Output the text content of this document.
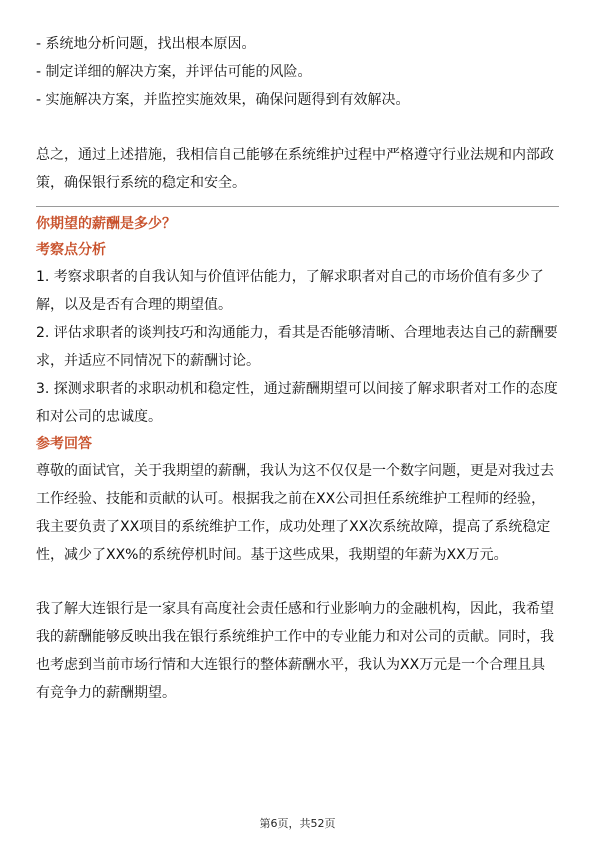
- 系统地分析问题，找出根本原因。

- 制定详细的解决方案，并评估可能的风险。

- 实施解决方案，并监控实施效果，确保问题得到有效解决。

总之，通过上述措施，我相信自己能够在系统维护过程中严格遵守行业法规和内部政策，确保银行系统的稳定和安全。

你期望的薪酬是多少？

考察点分析

1. 考察求职者的自我认知与价值评估能力，了解求职者对自己的市场价值有多少了解，以及是否有合理的期望值。

2. 评估求职者的谈判技巧和沟通能力，看其是否能够清晰、合理地表达自己的薪酬要求，并适应不同情况下的薪酬讨论。

3. 探测求职者的求职动机和稳定性，通过薪酬期望可以间接了解求职者对工作的态度和对公司的忠诚度。

参考回答

尊敬的面试官，关于我期望的薪酬，我认为这不仅仅是一个数字问题，更是对我过去工作经验、技能和贡献的认可。根据我之前在XX公司担任系统维护工程师的经验，我主要负责了XX项目的系统维护工作，成功处理了XX次系统故障，提高了系统稳定性，减少了XX%的系统停机时间。基于这些成果，我期望的年薪为XX万元。

我了解大连银行是一家具有高度社会责任感和行业影响力的金融机构，因此，我希望我的薪酬能够反映出我在银行系统维护工作中的专业能力和对公司的贡献。同时，我也考虑到当前市场行情和大连银行的整体薪酬水平，我认为XX万元是一个合理且具有竞争力的薪酬期望。

第6页，共52页
